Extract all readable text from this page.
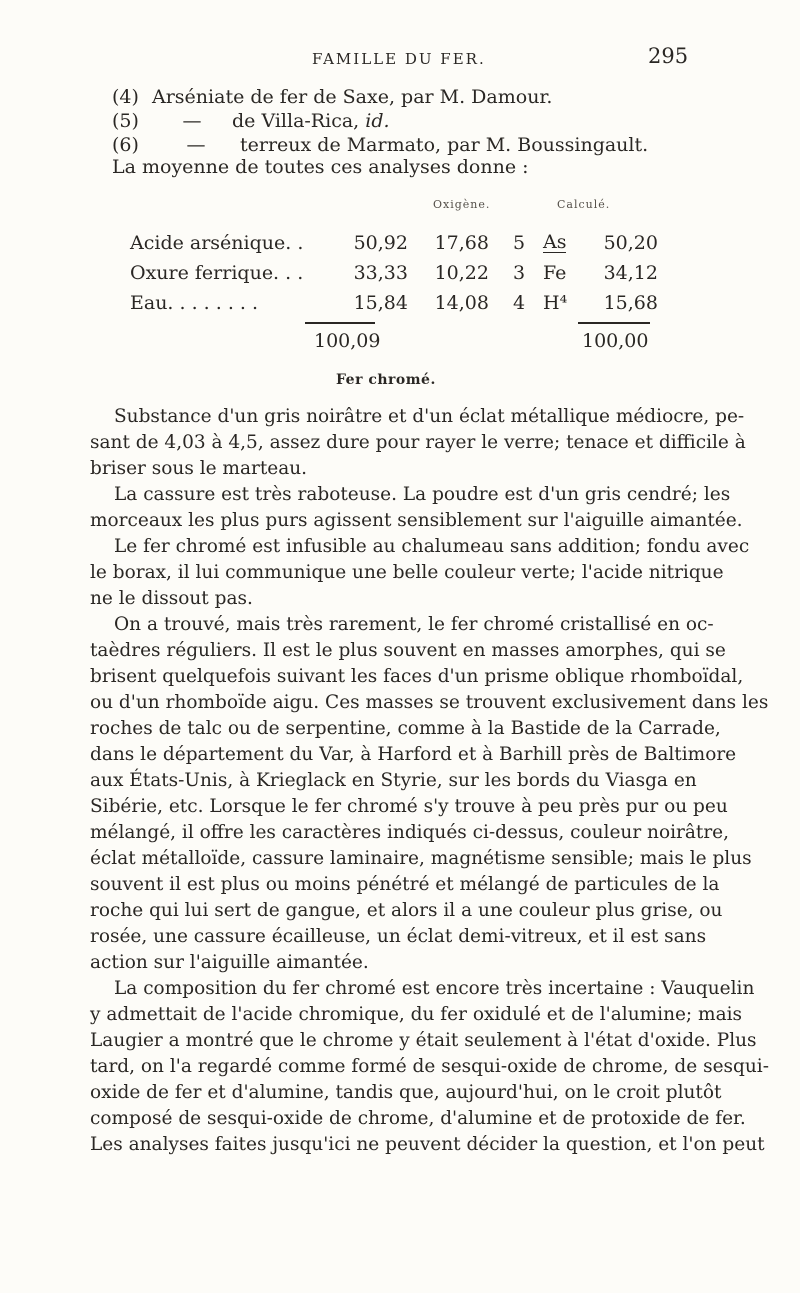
FAMILLE DU FER.	295
(4) Arséniate de fer de Saxe, par M. Damour.
(5) — de Villa-Rica, id.
(6)	— terreux de Marmato, par M. Boussingault.
La moyenne de toutes ces analyses donne :
Oxigène.	Calculé.
Acide arsénique. .	50,92	17,68 5 As	50,20
Oxure ferrique. . .	33,33	10,22 3 Fe	34,12
Eau. . . . . . . .	15,84	14,08 4 H⁴	15,68
100,09	100,00
Fer chromé.
Substance d'un gris noirâtre et d'un éclat métallique médiocre, pe-
sant de 4,03 à 4,5, assez dure pour rayer le verre; tenace et difficile à
briser sous le marteau.
La cassure est très raboteuse. La poudre est d'un gris cendré; les
morceaux les plus purs agissent sensiblement sur l'aiguille aimantée.
Le fer chromé est infusible au chalumeau sans addition; fondu avec
le borax, il lui communique une belle couleur verte; l'acide nitrique
ne le dissout pas.
On a trouvé, mais très rarement, le fer chromé cristallisé en oc-
taèdres réguliers. Il est le plus souvent en masses amorphes, qui se
brisent quelquefois suivant les faces d'un prisme oblique rhomboïdal,
ou d'un rhomboïde aigu. Ces masses se trouvent exclusivement dans les
roches de talc ou de serpentine, comme à la Bastide de la Carrade,
dans le département du Var, à Harford et à Barhill près de Baltimore
aux États-Unis, à Krieglack en Styrie, sur les bords du Viasga en
Sibérie, etc. Lorsque le fer chromé s'y trouve à peu près pur ou peu
mélangé, il offre les caractères indiqués ci-dessus, couleur noirâtre,
éclat métalloïde, cassure laminaire, magnétisme sensible; mais le plus
souvent il est plus ou moins pénétré et mélangé de particules de la
roche qui lui sert de gangue, et alors il a une couleur plus grise, ou
rosée, une cassure écailleuse, un éclat demi-vitreux, et il est sans
action sur l'aiguille aimantée.
La composition du fer chromé est encore très incertaine : Vauquelin
y admettait de l'acide chromique, du fer oxidulé et de l'alumine; mais
Laugier a montré que le chrome y était seulement à l'état d'oxide. Plus
tard, on l'a regardé comme formé de sesqui-oxide de chrome, de sesqui-
oxide de fer et d'alumine, tandis que, aujourd'hui, on le croit plutôt
composé de sesqui-oxide de chrome, d'alumine et de protoxide de fer.
Les analyses faites jusqu'ici ne peuvent décider la question, et l'on peut
